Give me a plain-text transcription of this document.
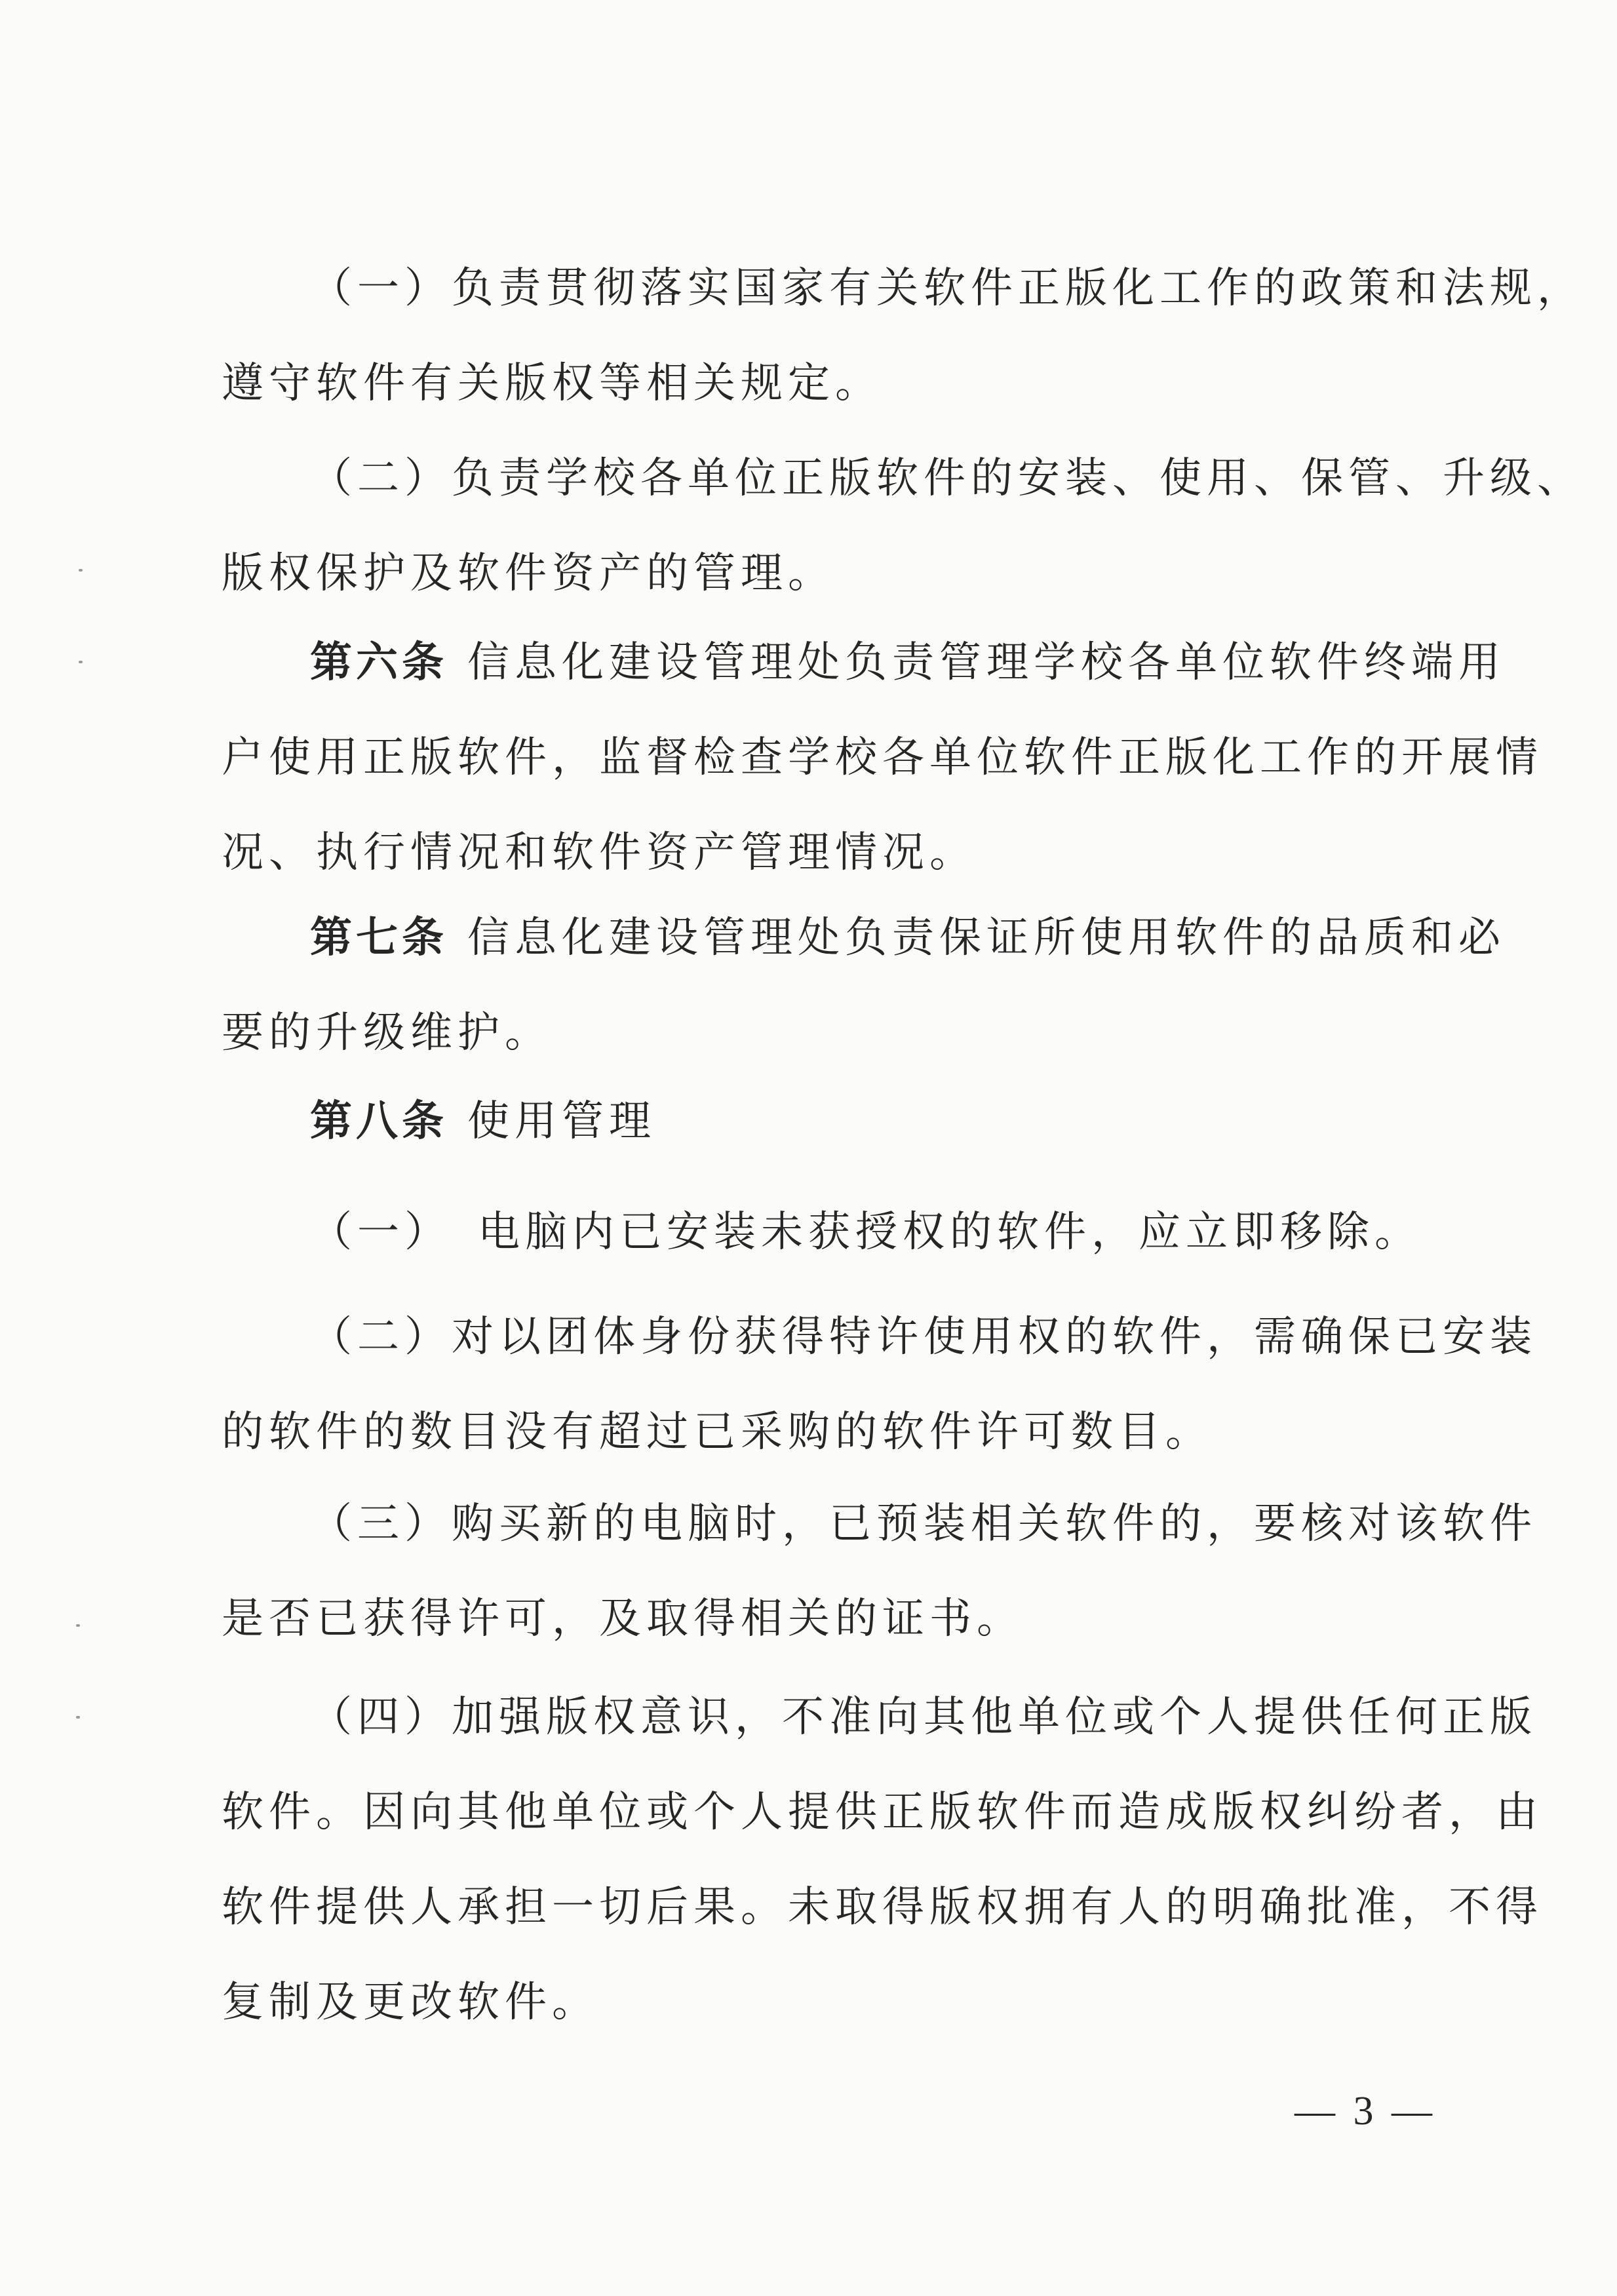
（一）负责贯彻落实国家有关软件正版化工作的政策和法规，
遵守软件有关版权等相关规定。
（二）负责学校各单位正版软件的安装、使用、保管、升级、
版权保护及软件资产的管理。
第六条 信息化建设管理处负责管理学校各单位软件终端用
户使用正版软件，监督检查学校各单位软件正版化工作的开展情
况、执行情况和软件资产管理情况。
第七条 信息化建设管理处负责保证所使用软件的品质和必
要的升级维护。
第八条 使用管理
（一）　电脑内已安装未获授权的软件，应立即移除。
（二）对以团体身份获得特许使用权的软件，需确保已安装
的软件的数目没有超过已采购的软件许可数目。
（三）购买新的电脑时，已预装相关软件的，要核对该软件
是否已获得许可，及取得相关的证书。
（四）加强版权意识，不准向其他单位或个人提供任何正版
软件。因向其他单位或个人提供正版软件而造成版权纠纷者，由
软件提供人承担一切后果。未取得版权拥有人的明确批准，不得
复制及更改软件。
— 3 —
